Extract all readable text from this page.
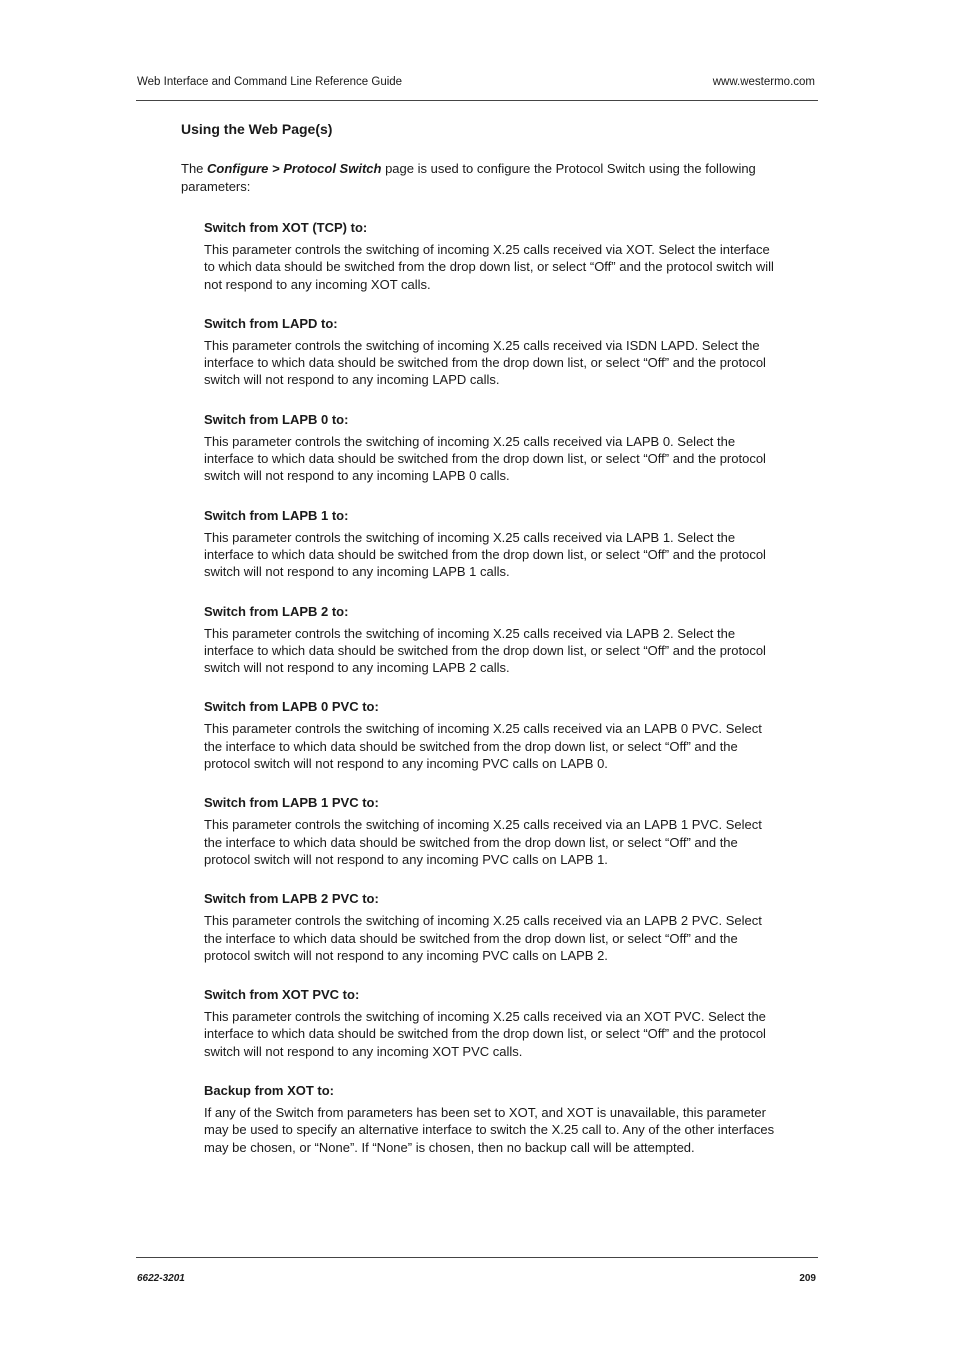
Web Interface and Command Line Reference Guide	www.westermo.com
Using the Web Page(s)

The Configure > Protocol Switch page is used to configure the Protocol Switch using the following parameters:

Switch from XOT (TCP) to:

This parameter controls the switching of incoming X.25 calls received via XOT. Select the interface to which data should be switched from the drop down list, or select “Off” and the protocol switch will not respond to any incoming XOT calls.

Switch from LAPD to:

This parameter controls the switching of incoming X.25 calls received via ISDN LAPD. Select the interface to which data should be switched from the drop down list, or select “Off” and the protocol switch will not respond to any incoming LAPD calls.

Switch from LAPB 0 to:

This parameter controls the switching of incoming X.25 calls received via LAPB 0. Select the interface to which data should be switched from the drop down list, or select “Off” and the protocol switch will not respond to any incoming LAPB 0 calls.

Switch from LAPB 1 to:

This parameter controls the switching of incoming X.25 calls received via LAPB 1. Select the interface to which data should be switched from the drop down list, or select “Off” and the protocol switch will not respond to any incoming LAPB 1 calls.

Switch from LAPB 2 to:

This parameter controls the switching of incoming X.25 calls received via LAPB 2. Select the interface to which data should be switched from the drop down list, or select “Off” and the protocol switch will not respond to any incoming LAPB 2 calls.

Switch from LAPB 0 PVC to:

This parameter controls the switching of incoming X.25 calls received via an LAPB 0 PVC. Select the interface to which data should be switched from the drop down list, or select “Off” and the protocol switch will not respond to any incoming PVC calls on LAPB 0.

Switch from LAPB 1 PVC to:

This parameter controls the switching of incoming X.25 calls received via an LAPB 1 PVC. Select the interface to which data should be switched from the drop down list, or select “Off” and the protocol switch will not respond to any incoming PVC calls on LAPB 1.

Switch from LAPB 2 PVC to:

This parameter controls the switching of incoming X.25 calls received via an LAPB 2 PVC. Select the interface to which data should be switched from the drop down list, or select “Off” and the protocol switch will not respond to any incoming PVC calls on LAPB 2.

Switch from XOT PVC to:

This parameter controls the switching of incoming X.25 calls received via an XOT PVC. Select the interface to which data should be switched from the drop down list, or select “Off” and the protocol switch will not respond to any incoming XOT PVC calls.

Backup from XOT to:

If any of the Switch from parameters has been set to XOT, and XOT is unavailable, this parameter may be used to specify an alternative interface to switch the X.25 call to. Any of the other interfaces may be chosen, or “None”. If “None” is chosen, then no backup call will be attempted.

6622-3201	209
